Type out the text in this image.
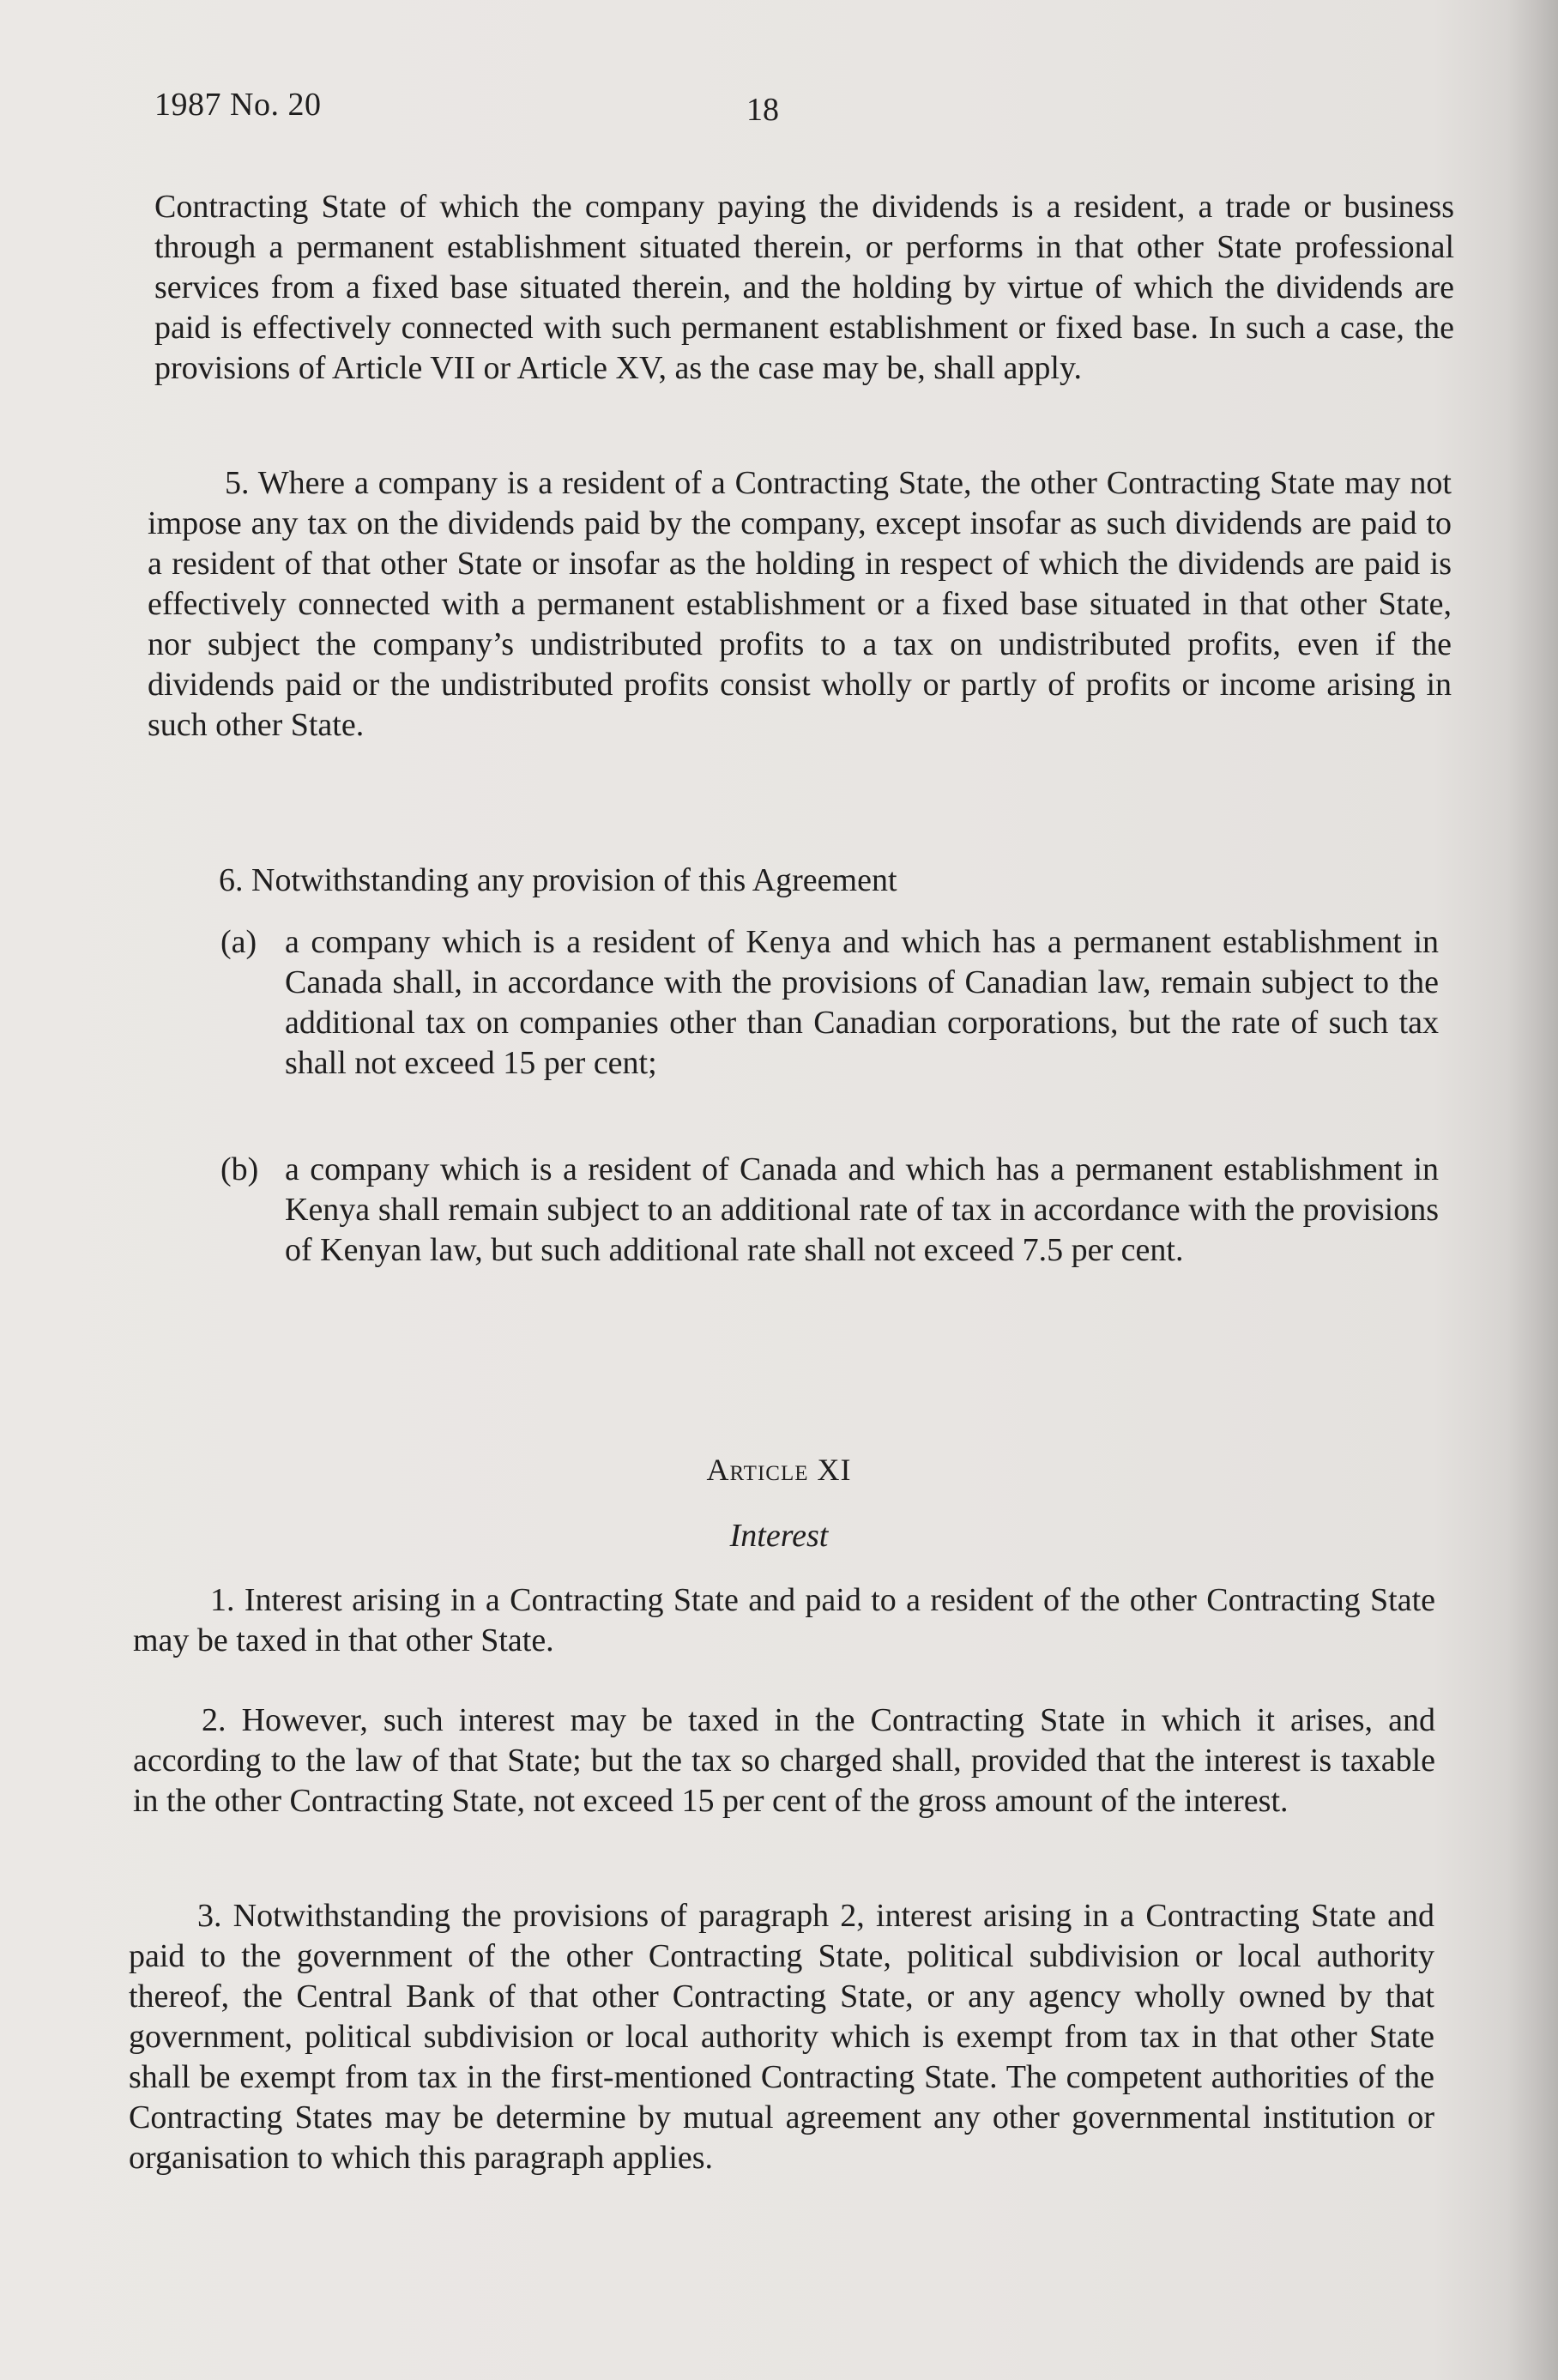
1987 No. 20	18
Contracting State of which the company paying the dividends is a resident, a trade or business through a permanent establishment situated therein, or performs in that other State professional services from a fixed base situated therein, and the holding by virtue of which the dividends are paid is effectively connected with such permanent establishment or fixed base. In such a case, the provisions of Article VII or Article XV, as the case may be, shall apply.
5. Where a company is a resident of a Contracting State, the other Contracting State may not impose any tax on the dividends paid by the company, except insofar as such dividends are paid to a resident of that other State or insofar as the holding in respect of which the dividends are paid is effectively connected with a permanent establishment or a fixed base situated in that other State, nor subject the company’s undistributed profits to a tax on undistributed profits, even if the dividends paid or the undistributed profits consist wholly or partly of profits or income arising in such other State.
6. Notwithstanding any provision of this Agreement
(a) a company which is a resident of Kenya and which has a permanent establishment in Canada shall, in accordance with the provisions of Canadian law, remain subject to the additional tax on companies other than Canadian corporations, but the rate of such tax shall not exceed 15 per cent;
(b) a company which is a resident of Canada and which has a permanent establishment in Kenya shall remain subject to an additional rate of tax in accordance with the provisions of Kenyan law, but such additional rate shall not exceed 7.5 per cent.
Article XI
Interest
1. Interest arising in a Contracting State and paid to a resident of the other Contracting State may be taxed in that other State.
2. However, such interest may be taxed in the Contracting State in which it arises, and according to the law of that State; but the tax so charged shall, provided that the interest is taxable in the other Contracting State, not exceed 15 per cent of the gross amount of the interest.
3. Notwithstanding the provisions of paragraph 2, interest arising in a Contracting State and paid to the government of the other Contracting State, political subdivision or local authority thereof, the Central Bank of that other Contracting State, or any agency wholly owned by that government, political subdivision or local authority which is exempt from tax in that other State shall be exempt from tax in the first-mentioned Contracting State. The competent authorities of the Contracting States may be determine by mutual agreement any other governmental institution or organisation to which this paragraph applies.
